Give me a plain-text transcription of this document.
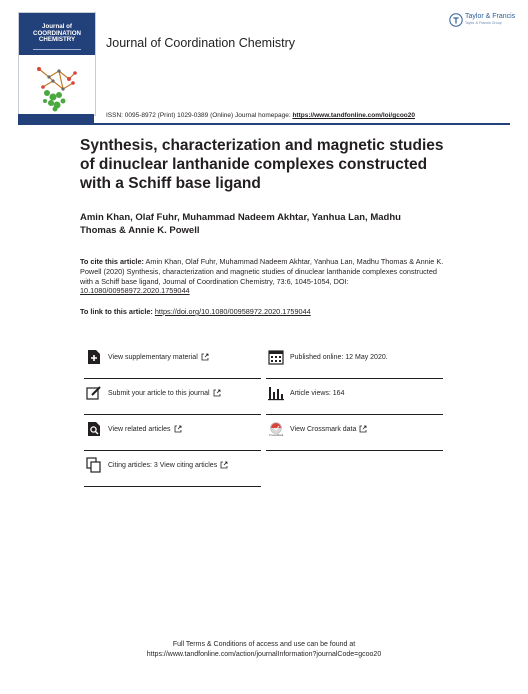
Journal of
COORDINATION
CHEMISTRY	Journal of Coordination Chemistry
Taylor & Francis
Taylor & Francis Group
ISSN: 0095-8972 (Print) 1029-0389 (Online) Journal homepage: https://www.tandfonline.com/loi/gcoo20
Synthesis, characterization and magnetic studies of dinuclear lanthanide complexes constructed with a Schiff base ligand
Amin Khan, Olaf Fuhr, Muhammad Nadeem Akhtar, Yanhua Lan, Madhu Thomas & Annie K. Powell
To cite this article: Amin Khan, Olaf Fuhr, Muhammad Nadeem Akhtar, Yanhua Lan, Madhu Thomas & Annie K. Powell (2020) Synthesis, characterization and magnetic studies of dinuclear lanthanide complexes constructed with a Schiff base ligand, Journal of Coordination Chemistry, 73:6, 1045-1054, DOI: 10.1080/00958972.2020.1759044
To link to this article: https://doi.org/10.1080/00958972.2020.1759044
View supplementary material	Published online: 12 May 2020.
Submit your article to this journal	Article views: 164
View related articles
CrossMark
View Crossmark data
Citing articles: 3 View citing articles
Full Terms & Conditions of access and use can be found at
https://www.tandfonline.com/action/journalInformation?journalCode=gcoo20
